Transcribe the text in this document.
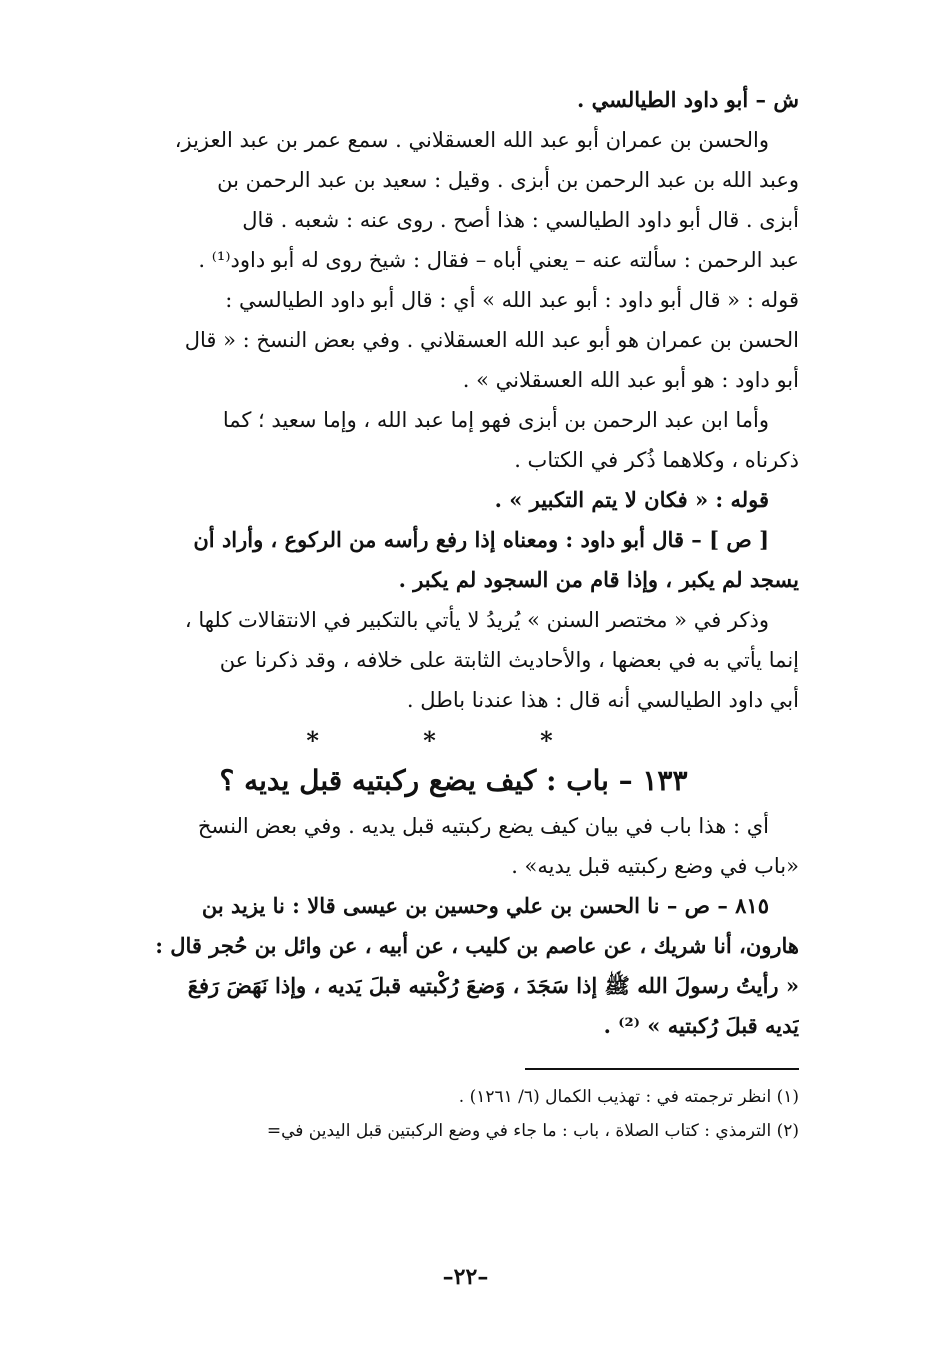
ش – أبو داود الطيالسي .
والحسن بن عمران أبو عبد الله العسقلاني . سمع عمر بن عبد العزيز،
وعبد الله بن عبد الرحمن بن أبزى . وقيل : سعيد بن عبد الرحمن بن
أبزى . قال أبو داود الطيالسي : هذا أصح . روى عنه : شعبه . قال
عبد الرحمن : سألته عنه – يعني أباه – فقال : شيخ روى له أبو داود⁽¹⁾ .
قوله : « قال أبو داود : أبو عبد الله » أي : قال أبو داود الطيالسي :
الحسن بن عمران هو أبو عبد الله العسقلاني . وفي بعض النسخ : « قال
أبو داود : هو أبو عبد الله العسقلاني » .
وأما ابن عبد الرحمن بن أبزى فهو إما عبد الله ، وإما سعيد ؛ كما
ذكرناه ، وكلاهما ذُكر في الكتاب .
قوله : « فكان لا يتم التكبير » .
[ ص ] – قال أبو داود : ومعناه إذا رفع رأسه من الركوع ، وأراد أن
يسجد لم يكبر ، وإذا قام من السجود لم يكبر .
وذكر في « مختصر السنن » يُريدُ لا يأتي بالتكبير في الانتقالات كلها ،
إنما يأتي به في بعضها ، والأحاديث الثابتة على خلافه ، وقد ذكرنا عن
أبي داود الطيالسي أنه قال : هذا عندنا باطل .
* * *
١٣٣ – باب : كيف يضع ركبتيه قبل يديه ؟
أي : هذا باب في بيان كيف يضع ركبتيه قبل يديه . وفي بعض النسخ
«باب في وضع ركبتيه قبل يديه» .
٨١٥ – ص – نا الحسن بن علي وحسين بن عيسى قالا : نا يزيد بن
هارون، أنا شريك ، عن عاصم بن كليب ، عن أبيه ، عن وائل بن حُجر قال :
« رأيتُ رسولَ الله ﷺ إذا سَجَدَ ، وَضعَ رُكْبتيه قبلَ يَديه ، وإذا نَهَضَ رَفعَ
يَديه قبلَ رُكبتيه » ⁽²⁾ .
(١) انظر ترجمته في : تهذيب الكمال (٦/ ١٢٦١) .
(٢) الترمذي : كتاب الصلاة ، باب : ما جاء في وضع الركبتين قبل اليدين في=
–٢٢–
